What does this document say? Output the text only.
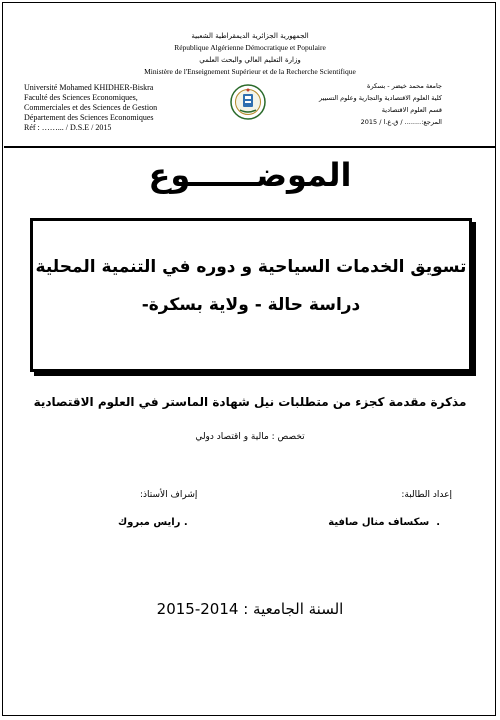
الجمهورية الجزائرية الديمقراطية الشعبية
République Algérienne Démocratique et Populaire
وزارة التعليم العالي والبحث العلمي
Ministère de l'Enseignement Supérieur et de la Recherche Scientifique
Université Mohamed KHIDHER-Biskra
Faculté des Sciences Economiques,
Commerciales et des Sciences de Gestion
Département des Sciences Economiques
Réf : ……... / D.S.E / 2015
جامعة محمد خيضر - بسكرة
كلية العلوم الاقتصادية والتجارية وعلوم التسيير
قسم العلوم الاقتصادية
المرجع:........ / ق.ع.ا / 2015
الموضــــــوع
تسويق الخدمات السياحية و دوره في التنمية المحلية
دراسة حالة - ولاية بسكرة-
مذكرة مقدمة كجزء من متطلبات نيل شهادة الماستر في العلوم الاقتصادية
تخصص : مالية و اقتصاد دولي
إعداد الطالبة:
إشراف الأستاذ:
.  سكساف منال صافية
. رايس مبروك
السنة الجامعية : 2014-2015
